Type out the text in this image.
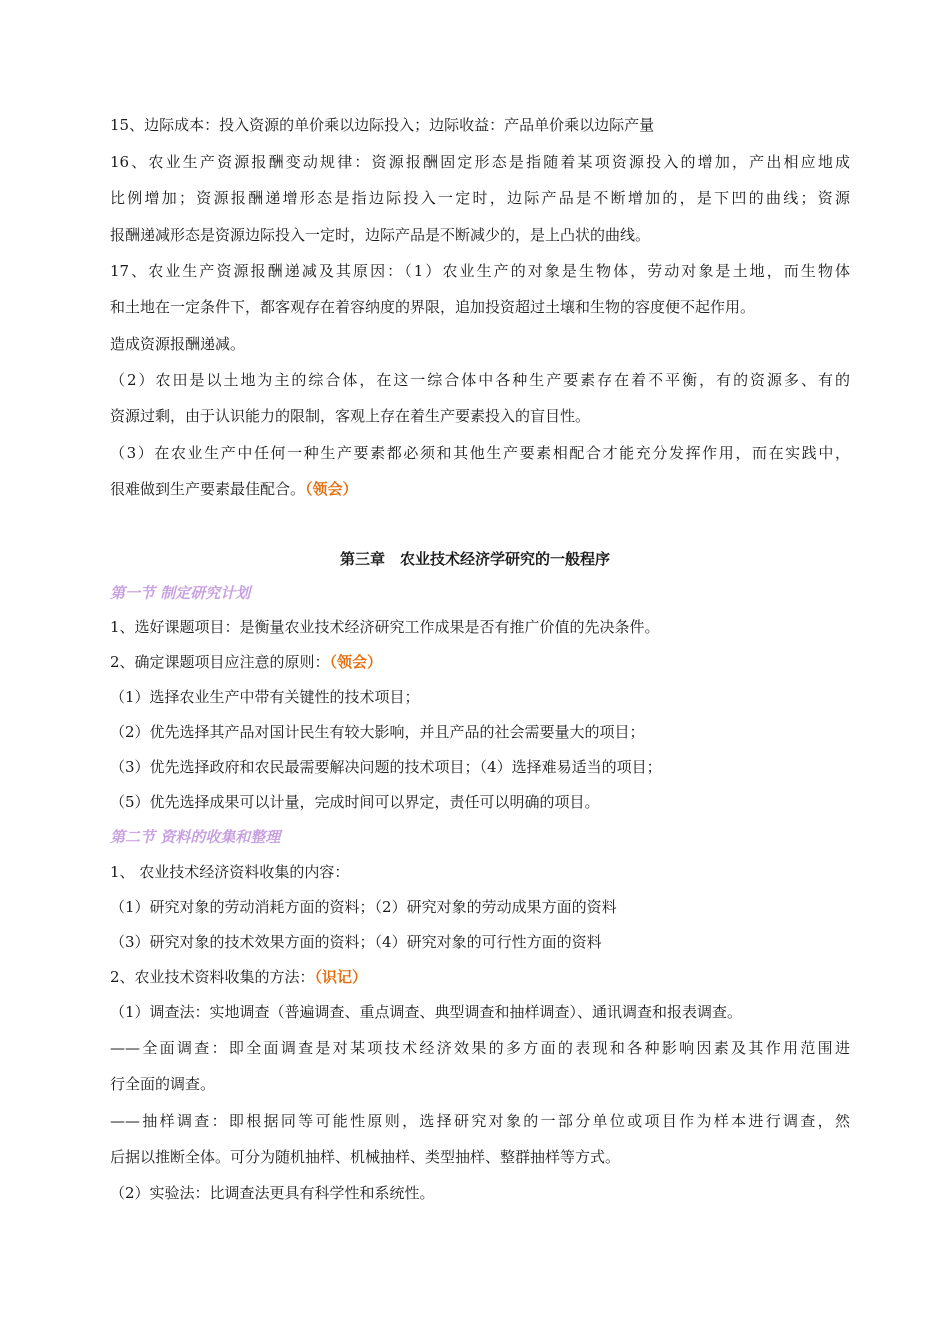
15、边际成本：投入资源的单价乘以边际投入；边际收益：产品单价乘以边际产量
16、农业生产资源报酬变动规律：资源报酬固定形态是指随着某项资源投入的增加，产出相应地成
比例增加；资源报酬递增形态是指边际投入一定时，边际产品是不断增加的，是下凹的曲线；资源
报酬递减形态是资源边际投入一定时，边际产品是不断减少的，是上凸状的曲线。
17、农业生产资源报酬递减及其原因：（1）农业生产的对象是生物体，劳动对象是土地，而生物体
和土地在一定条件下，都客观存在着容纳度的界限，追加投资超过土壤和生物的容度便不起作用。
造成资源报酬递减。
（2）农田是以土地为主的综合体，在这一综合体中各种生产要素存在着不平衡，有的资源多、有的
资源过剩，由于认识能力的限制，客观上存在着生产要素投入的盲目性。
（3）在农业生产中任何一种生产要素都必须和其他生产要素相配合才能充分发挥作用，而在实践中，
很难做到生产要素最佳配合。（领会）
第三章　农业技术经济学研究的一般程序
第一节 制定研究计划
1、选好课题项目：是衡量农业技术经济研究工作成果是否有推广价值的先决条件。
2、确定课题项目应注意的原则：（领会）
（1）选择农业生产中带有关键性的技术项目；
（2）优先选择其产品对国计民生有较大影响，并且产品的社会需要量大的项目；
（3）优先选择政府和农民最需要解决问题的技术项目；（4）选择难易适当的项目；
（5）优先选择成果可以计量，完成时间可以界定，责任可以明确的项目。
第二节 资料的收集和整理
1、 农业技术经济资料收集的内容：
（1）研究对象的劳动消耗方面的资料；（2）研究对象的劳动成果方面的资料
（3）研究对象的技术效果方面的资料；（4）研究对象的可行性方面的资料
2、农业技术资料收集的方法：（识记）
（1）调查法：实地调查（普遍调查、重点调查、典型调查和抽样调查）、通讯调查和报表调查。
——全面调查：即全面调查是对某项技术经济效果的多方面的表现和各种影响因素及其作用范围进
行全面的调查。
——抽样调查：即根据同等可能性原则，选择研究对象的一部分单位或项目作为样本进行调查，然
后据以推断全体。可分为随机抽样、机械抽样、类型抽样、整群抽样等方式。
（2）实验法：比调查法更具有科学性和系统性。
